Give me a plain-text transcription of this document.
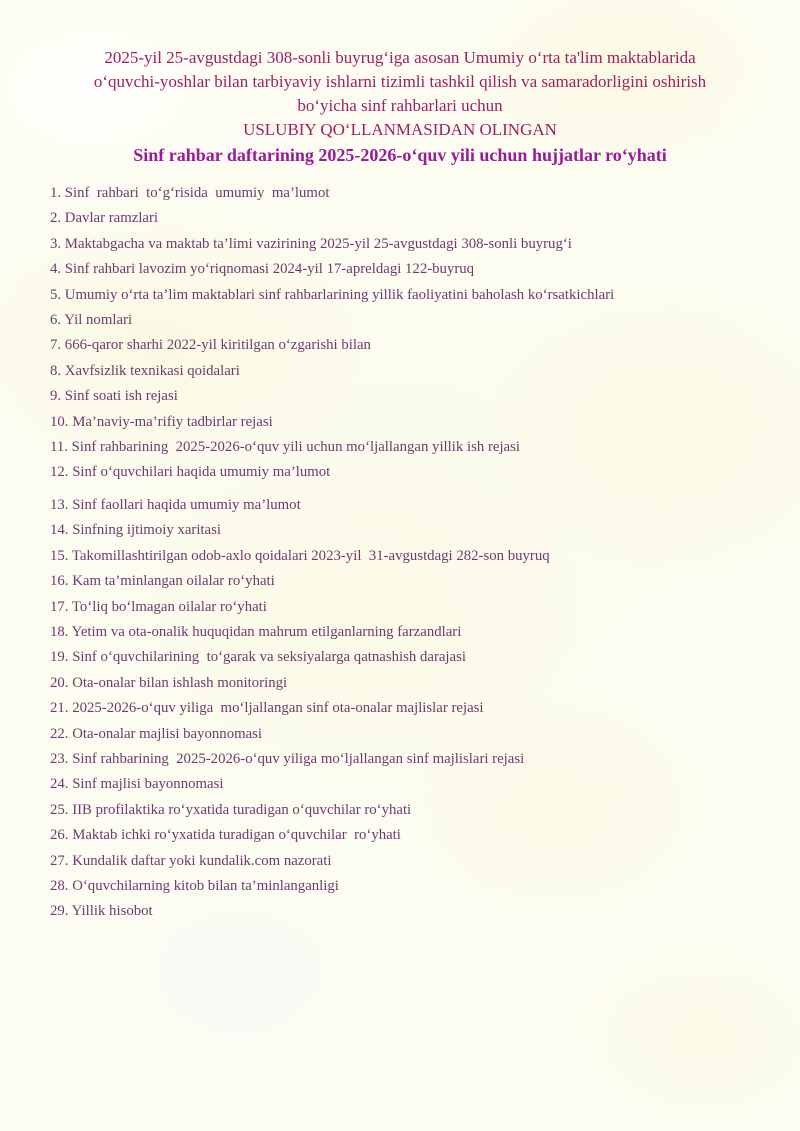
2025-yil 25-avgustdagi 308-sonli buyrug‘iga asosan Umumiy o‘rta ta'lim maktablarida
o‘quvchi-yoshlar bilan tarbiyaviy ishlarni tizimli tashkil qilish va samaradorligini oshirish
bo‘yicha sinf rahbarlari uchun
USLUBIY QO‘LLANMASIDAN OLINGAN
Sinf rahbar daftarining 2025-2026-o‘quv yili uchun hujjatlar ro‘yhati
1. Sinf  rahbari  to‘g‘risida  umumiy  ma’lumot
2. Davlar ramzlari
3. Maktabgacha va maktab ta’limi vazirining 2025-yil 25-avgustdagi 308-sonli buyrug‘i
4. Sinf rahbari lavozim yo‘riqnomasi 2024-yil 17-apreldagi 122-buyruq
5. Umumiy o‘rta ta’lim maktablari sinf rahbarlarining yillik faoliyatini baholash ko‘rsatkichlari
6. Yil nomlari
7. 666-qaror sharhi 2022-yil kiritilgan o‘zgarishi bilan
8. Xavfsizlik texnikasi qoidalari
9. Sinf soati ish rejasi
10. Ma’naviy-ma’rifiy tadbirlar rejasi
11. Sinf rahbarining  2025-2026-o‘quv yili uchun mo‘ljallangan yillik ish rejasi
12. Sinf o‘quvchilari haqida umumiy ma’lumot
13. Sinf faollari haqida umumiy ma’lumot
14. Sinfning ijtimoiy xaritasi
15. Takomillashtirilgan odob-axlo qoidalari 2023-yil  31-avgustdagi 282-son buyruq
16. Kam ta’minlangan oilalar ro‘yhati
17. To‘liq bo‘lmagan oilalar ro‘yhati
18. Yetim va ota-onalik huquqidan mahrum etilganlarning farzandlari
19. Sinf o‘quvchilarining  to‘garak va seksiyalarga qatnashish darajasi
20. Ota-onalar bilan ishlash monitoringi
21. 2025-2026-o‘quv yiliga  mo‘ljallangan sinf ota-onalar majlislar rejasi
22. Ota-onalar majlisi bayonnomasi
23. Sinf rahbarining  2025-2026-o‘quv yiliga mo‘ljallangan sinf majlislari rejasi
24. Sinf majlisi bayonnomasi
25. IIB profilaktika ro‘yxatida turadigan o‘quvchilar ro‘yhati
26. Maktab ichki ro‘yxatida turadigan o‘quvchilar  ro‘yhati
27. Kundalik daftar yoki kundalik.com nazorati
28. O‘quvchilarning kitob bilan ta’minlanganligi
29. Yillik hisobot
